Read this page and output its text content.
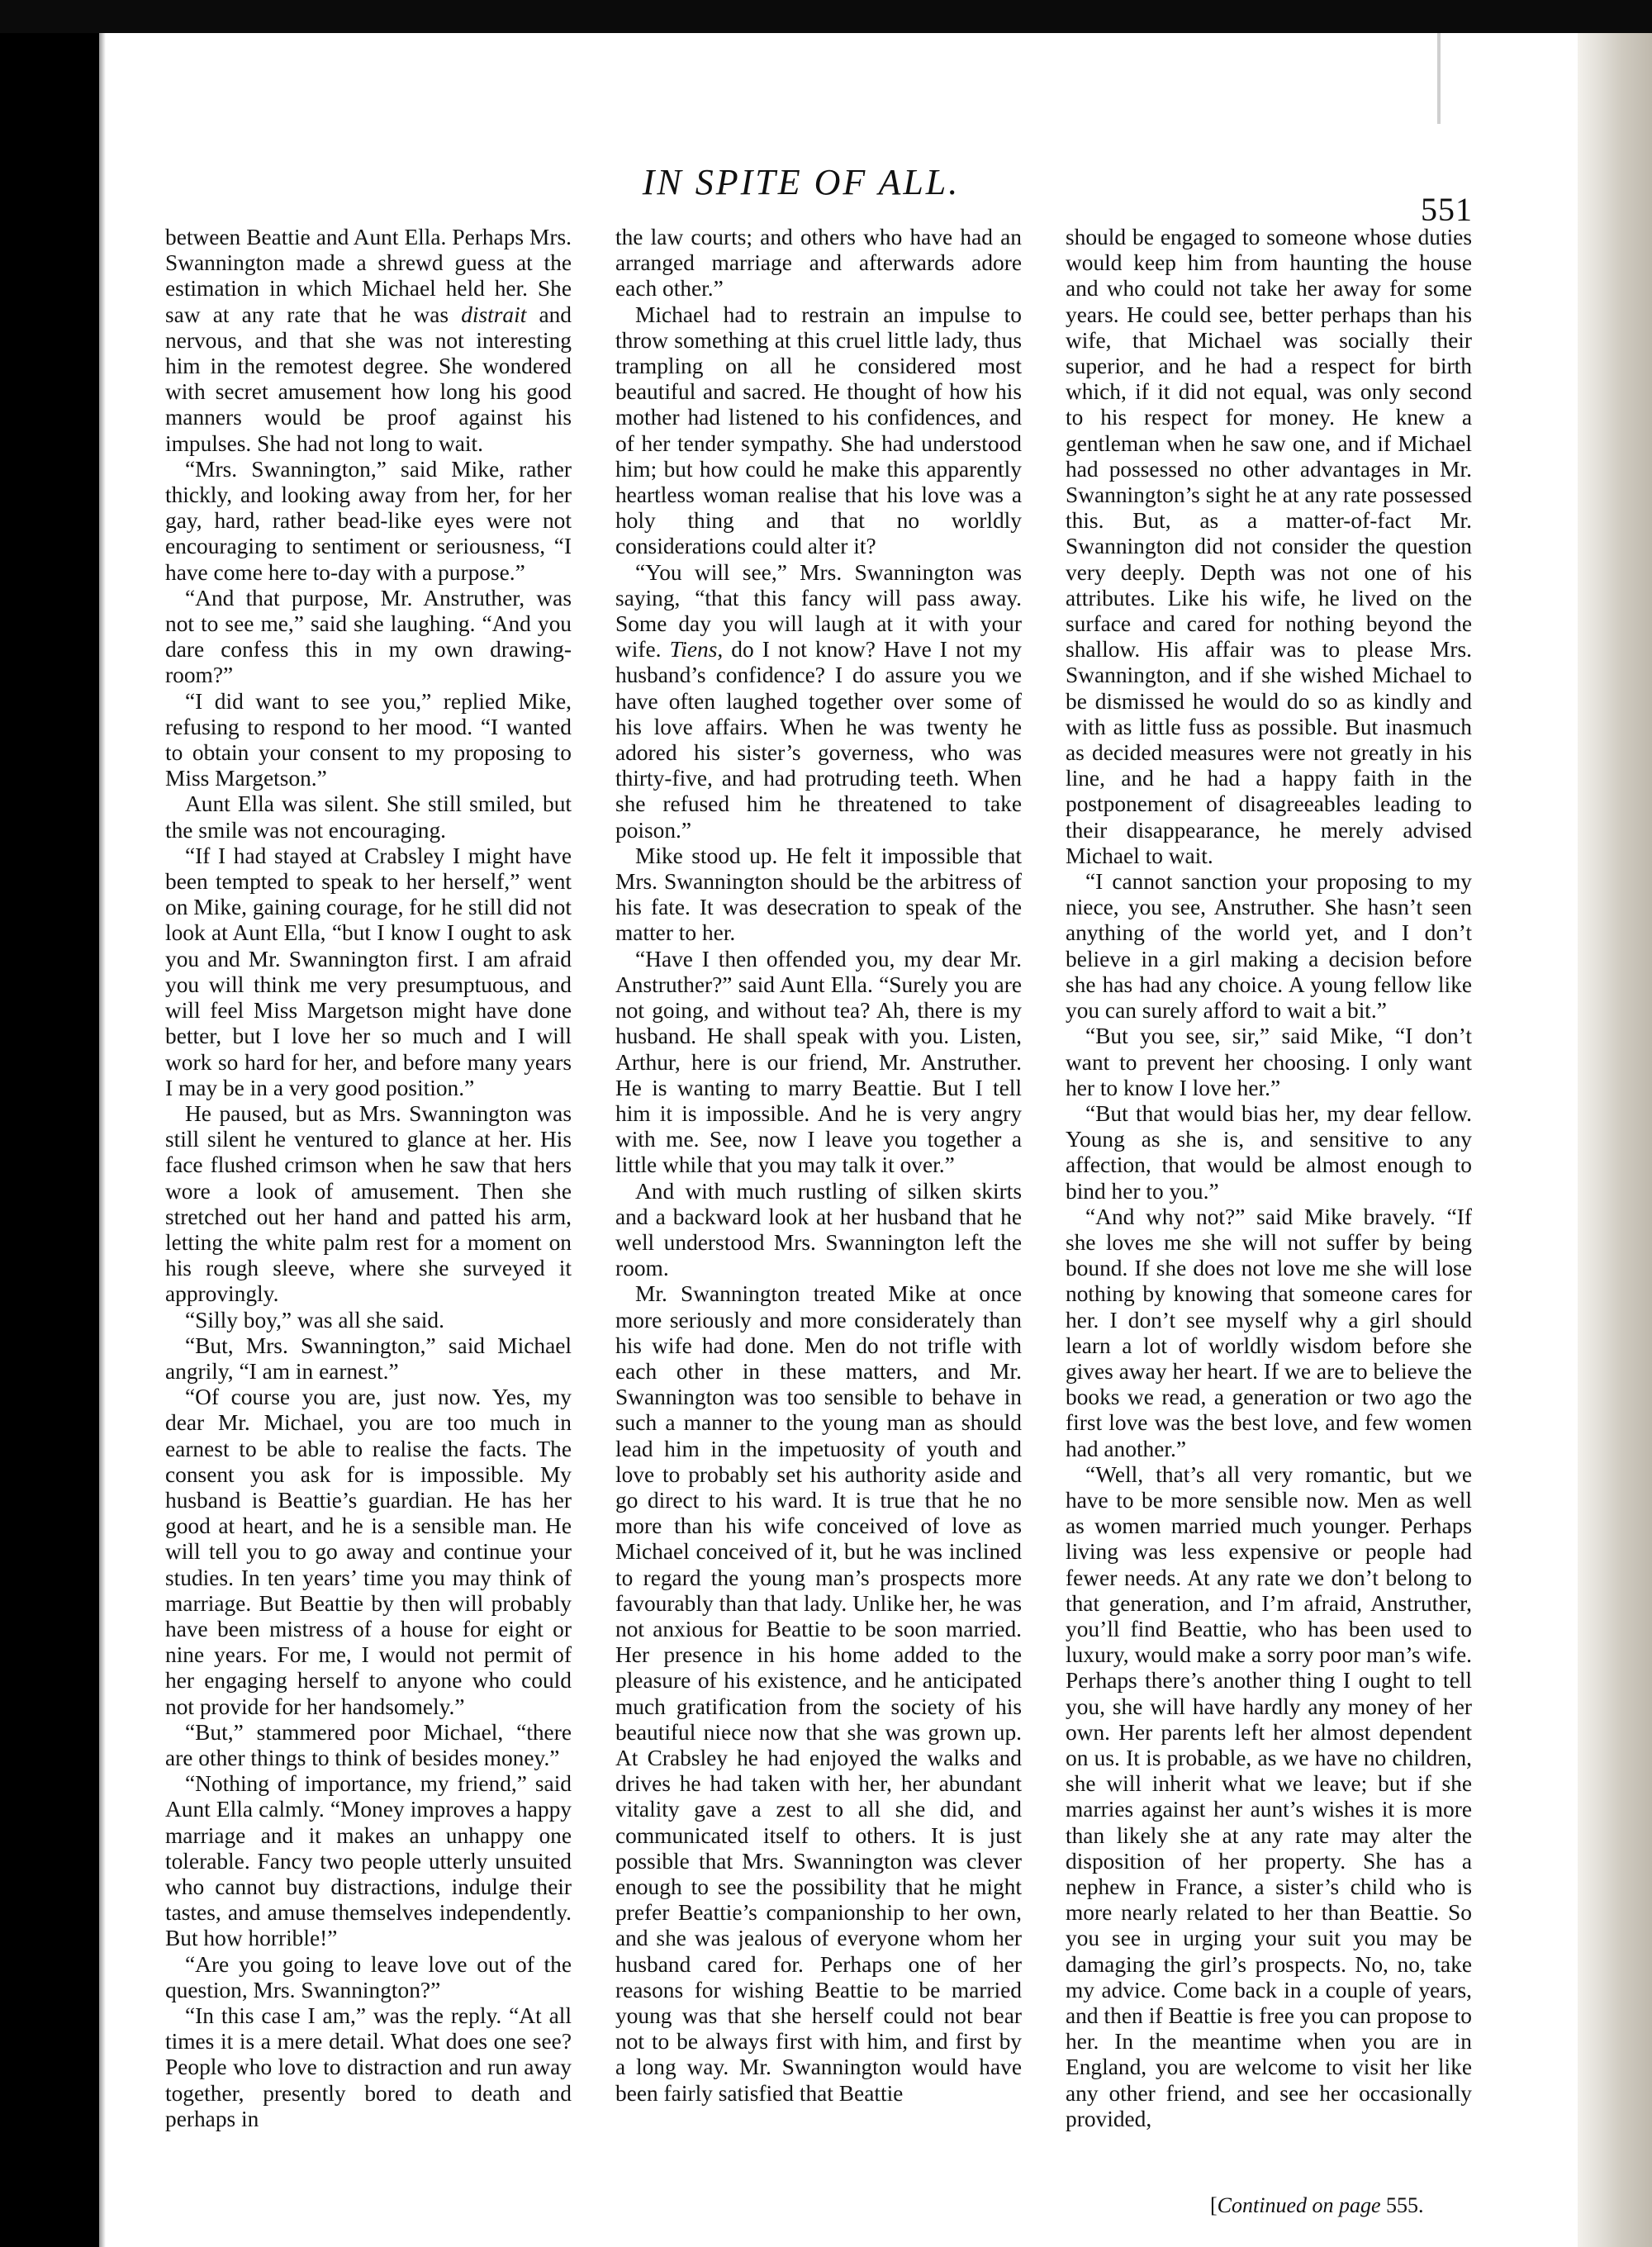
IN SPITE OF ALL.
551

between Beattie and Aunt Ella. Perhaps Mrs. Swannington made a shrewd guess at the estimation in which Michael held her. She saw at any rate that he was distrait and nervous, and that she was not interesting him in the remotest degree. She wondered with secret amusement how long his good manners would be proof against his impulses. She had not long to wait.

“Mrs. Swannington,” said Mike, rather thickly, and looking away from her, for her gay, hard, rather bead-like eyes were not encouraging to sentiment or seriousness, “I have come here to-day with a purpose.”

“And that purpose, Mr. Anstruther, was not to see me,” said she laughing. “And you dare confess this in my own drawing-room?”

“I did want to see you,” replied Mike, refusing to respond to her mood. “I wanted to obtain your consent to my proposing to Miss Margetson.”

Aunt Ella was silent. She still smiled, but the smile was not encouraging.

“If I had stayed at Crabsley I might have been tempted to speak to her herself,” went on Mike, gaining courage, for he still did not look at Aunt Ella, “but I know I ought to ask you and Mr. Swannington first. I am afraid you will think me very presumptuous, and will feel Miss Margetson might have done better, but I love her so much and I will work so hard for her, and before many years I may be in a very good position.”

He paused, but as Mrs. Swannington was still silent he ventured to glance at her. His face flushed crimson when he saw that hers wore a look of amusement. Then she stretched out her hand and patted his arm, letting the white palm rest for a moment on his rough sleeve, where she surveyed it approvingly.

“Silly boy,” was all she said.

“But, Mrs. Swannington,” said Michael angrily, “I am in earnest.”

“Of course you are, just now. Yes, my dear Mr. Michael, you are too much in earnest to be able to realise the facts. The consent you ask for is impossible. My husband is Beattie’s guardian. He has her good at heart, and he is a sensible man. He will tell you to go away and continue your studies. In ten years’ time you may think of marriage. But Beattie by then will probably have been mistress of a house for eight or nine years. For me, I would not permit of her engaging herself to anyone who could not provide for her handsomely.”

“But,” stammered poor Michael, “there are other things to think of besides money.”

“Nothing of importance, my friend,” said Aunt Ella calmly. “Money improves a happy marriage and it makes an unhappy one tolerable. Fancy two people utterly unsuited who cannot buy distractions, indulge their tastes, and amuse themselves independently. But how horrible!”

“Are you going to leave love out of the question, Mrs. Swannington?”

“In this case I am,” was the reply. “At all times it is a mere detail. What does one see? People who love to distraction and run away together, presently bored to death and perhaps in

the law courts; and others who have had an arranged marriage and afterwards adore each other.”

Michael had to restrain an impulse to throw something at this cruel little lady, thus trampling on all he considered most beautiful and sacred. He thought of how his mother had listened to his confidences, and of her tender sympathy. She had understood him; but how could he make this apparently heartless woman realise that his love was a holy thing and that no worldly considerations could alter it?

“You will see,” Mrs. Swannington was saying, “that this fancy will pass away. Some day you will laugh at it with your wife. Tiens, do I not know? Have I not my husband’s confidence? I do assure you we have often laughed together over some of his love affairs. When he was twenty he adored his sister’s governess, who was thirty-five, and had protruding teeth. When she refused him he threatened to take poison.”

Mike stood up. He felt it impossible that Mrs. Swannington should be the arbitress of his fate. It was desecration to speak of the matter to her.

“Have I then offended you, my dear Mr. Anstruther?” said Aunt Ella. “Surely you are not going, and without tea? Ah, there is my husband. He shall speak with you. Listen, Arthur, here is our friend, Mr. Anstruther. He is wanting to marry Beattie. But I tell him it is impossible. And he is very angry with me. See, now I leave you together a little while that you may talk it over.”

And with much rustling of silken skirts and a backward look at her husband that he well understood Mrs. Swannington left the room.

Mr. Swannington treated Mike at once more seriously and more considerately than his wife had done. Men do not trifle with each other in these matters, and Mr. Swannington was too sensible to behave in such a manner to the young man as should lead him in the impetuosity of youth and love to probably set his authority aside and go direct to his ward. It is true that he no more than his wife conceived of love as Michael conceived of it, but he was inclined to regard the young man’s prospects more favourably than that lady. Unlike her, he was not anxious for Beattie to be soon married. Her presence in his home added to the pleasure of his existence, and he anticipated much gratification from the society of his beautiful niece now that she was grown up. At Crabsley he had enjoyed the walks and drives he had taken with her, her abundant vitality gave a zest to all she did, and communicated itself to others. It is just possible that Mrs. Swannington was clever enough to see the possibility that he might prefer Beattie’s companionship to her own, and she was jealous of everyone whom her husband cared for. Perhaps one of her reasons for wishing Beattie to be married young was that she herself could not bear not to be always first with him, and first by a long way. Mr. Swannington would have been fairly satisfied that Beattie

should be engaged to someone whose duties would keep him from haunting the house and who could not take her away for some years. He could see, better perhaps than his wife, that Michael was socially their superior, and he had a respect for birth which, if it did not equal, was only second to his respect for money. He knew a gentleman when he saw one, and if Michael had possessed no other advantages in Mr. Swannington’s sight he at any rate possessed this. But, as a matter-of-fact Mr. Swannington did not consider the question very deeply. Depth was not one of his attributes. Like his wife, he lived on the surface and cared for nothing beyond the shallow. His affair was to please Mrs. Swannington, and if she wished Michael to be dismissed he would do so as kindly and with as little fuss as possible. But inasmuch as decided measures were not greatly in his line, and he had a happy faith in the postponement of disagreeables leading to their disappearance, he merely advised Michael to wait.

“I cannot sanction your proposing to my niece, you see, Anstruther. She hasn’t seen anything of the world yet, and I don’t believe in a girl making a decision before she has had any choice. A young fellow like you can surely afford to wait a bit.”

“But you see, sir,” said Mike, “I don’t want to prevent her choosing. I only want her to know I love her.”

“But that would bias her, my dear fellow. Young as she is, and sensitive to any affection, that would be almost enough to bind her to you.”

“And why not?” said Mike bravely. “If she loves me she will not suffer by being bound. If she does not love me she will lose nothing by knowing that someone cares for her. I don’t see myself why a girl should learn a lot of worldly wisdom before she gives away her heart. If we are to believe the books we read, a generation or two ago the first love was the best love, and few women had another.”

“Well, that’s all very romantic, but we have to be more sensible now. Men as well as women married much younger. Perhaps living was less expensive or people had fewer needs. At any rate we don’t belong to that generation, and I’m afraid, Anstruther, you’ll find Beattie, who has been used to luxury, would make a sorry poor man’s wife. Perhaps there’s another thing I ought to tell you, she will have hardly any money of her own. Her parents left her almost dependent on us. It is probable, as we have no children, she will inherit what we leave; but if she marries against her aunt’s wishes it is more than likely she at any rate may alter the disposition of her property. She has a nephew in France, a sister’s child who is more nearly related to her than Beattie. So you see in urging your suit you may be damaging the girl’s prospects. No, no, take my advice. Come back in a couple of years, and then if Beattie is free you can propose to her. In the meantime when you are in England, you are welcome to visit her like any other friend, and see her occasionally provided,

[Continued on page 555.
